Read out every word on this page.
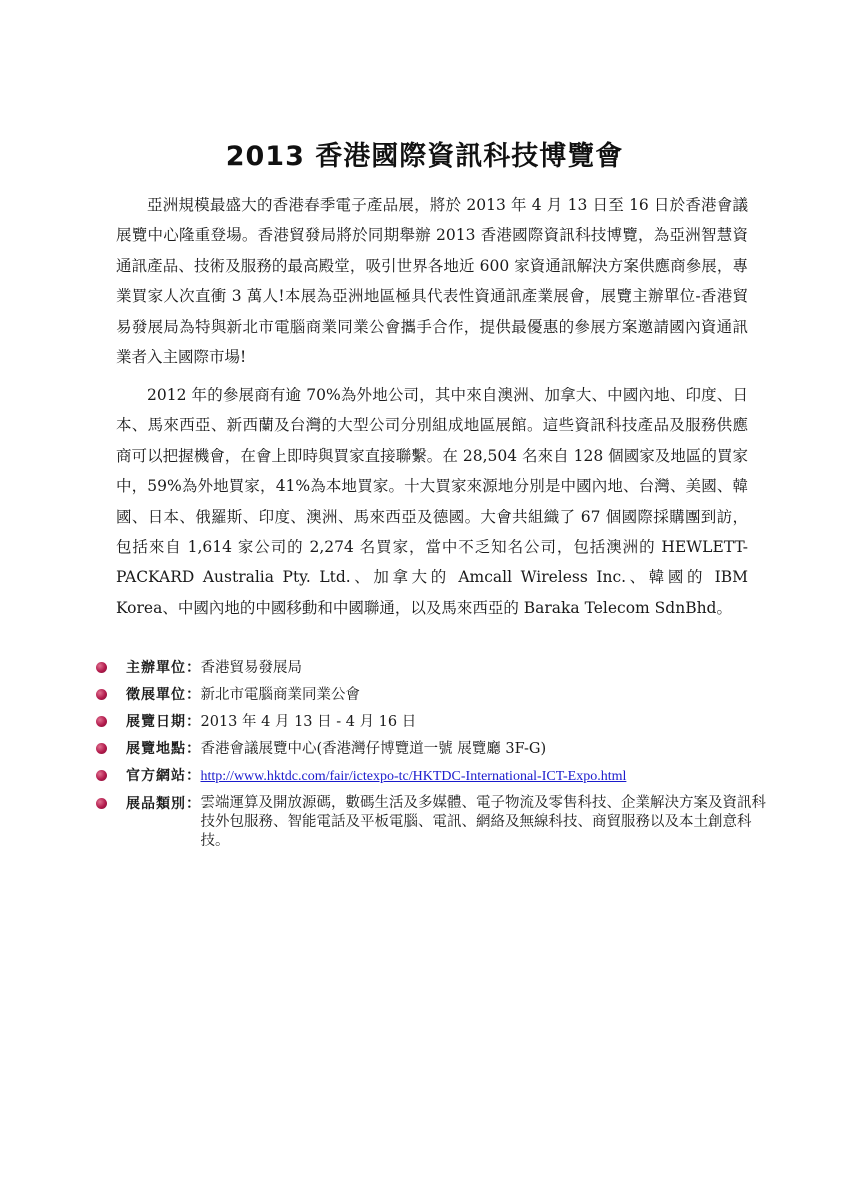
2013 香港國際資訊科技博覽會

亞洲規模最盛大的香港春季電子產品展，將於 2013 年 4 月 13 日至 16 日於香港會議展覽中心隆重登場。香港貿發局將於同期舉辦 2013 香港國際資訊科技博覽，為亞洲智慧資通訊產品、技術及服務的最高殿堂，吸引世界各地近 600 家資通訊解決方案供應商參展，專業買家人次直衝 3 萬人!本展為亞洲地區極具代表性資通訊產業展會，展覽主辦單位-香港貿易發展局為特與新北市電腦商業同業公會攜手合作，提供最優惠的參展方案邀請國內資通訊業者入主國際市場!

2012 年的參展商有逾 70%為外地公司，其中來自澳洲、加拿大、中國內地、印度、日本、馬來西亞、新西蘭及台灣的大型公司分別組成地區展館。這些資訊科技產品及服務供應商可以把握機會，在會上即時與買家直接聯繫。在 28,504 名來自 128 個國家及地區的買家中，59%為外地買家，41%為本地買家。十大買家來源地分別是中國內地、台灣、美國、韓國、日本、俄羅斯、印度、澳洲、馬來西亞及德國。大會共組織了 67 個國際採購團到訪，包括來自 1,614 家公司的 2,274 名買家，當中不乏知名公司，包括澳洲的 HEWLETT-PACKARD Australia Pty. Ltd.、加拿大的 Amcall Wireless Inc.、韓國的 IBM Korea、中國內地的中國移動和中國聯通，以及馬來西亞的 Baraka Telecom SdnBhd。

主辦單位 ： 香港貿易發展局
徵展單位 ： 新北市電腦商業同業公會
展覽日期 ： 2013 年 4 月 13 日 - 4 月 16 日
展覽地點 ： 香港會議展覽中心(香港灣仔博覽道一號 展覽廳 3F-G)
官方網站 ： http://www.hktdc.com/fair/ictexpo-tc/HKTDC-International-ICT-Expo.html
展品類別 ： 雲端運算及開放源碼，數碼生活及多媒體、電子物流及零售科技、企業解決方案及資訊科技外包服務、智能電話及平板電腦、電訊、網絡及無線科技、商貿服務以及本土創意科技。
